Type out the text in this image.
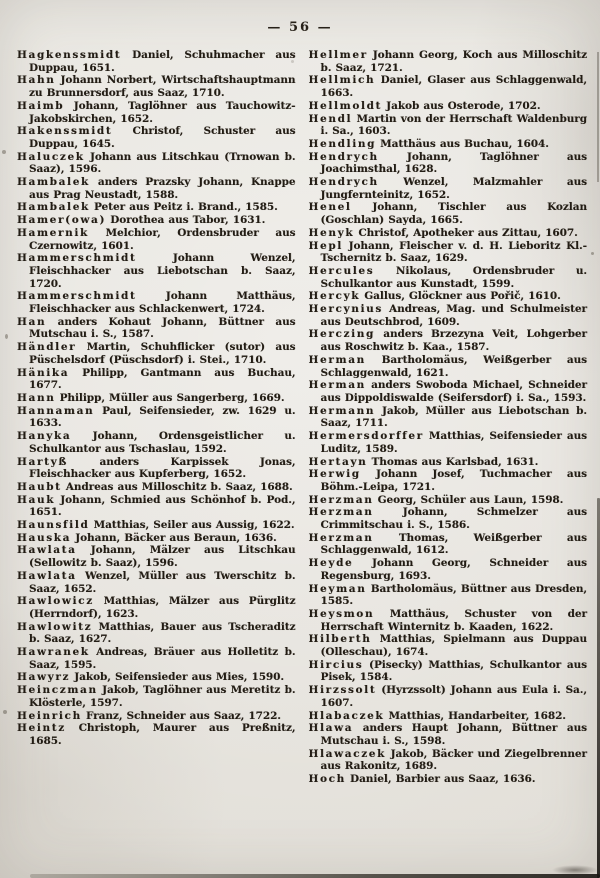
— 56 —

Hagkenssmidt Daniel, Schuhmacher aus Duppau, 1651.

Hahn Johann Norbert, Wirtschaftshauptmann zu Brunnersdorf, aus Saaz, 1710.

Haimb Johann, Taglöhner aus Tauchowitz-Jakobskirchen, 1652.

Hakenssmidt Christof, Schuster aus Duppau, 1645.

Haluczek Johann aus Litschkau (Trnowan b. Saaz), 1596.

Hambalek anders Prazsky Johann, Knappe aus Prag Neustadt, 1588.

Hambalek Peter aus Peitz i. Brand., 1585.

Hamer(owa) Dorothea aus Tabor, 1631.

Hamernik Melchior, Ordensbruder aus Czernowitz, 1601.

Hammerschmidt Johann Wenzel, Fleischhacker aus Liebotschan b. Saaz, 1720.

Hammerschmidt Johann Matthäus, Fleischhacker aus Schlackenwert, 1724.

Han anders Kohaut Johann, Büttner aus Mutschau i. S., 1587.

Händler Martin, Schuhflicker (sutor) aus Püschelsdorf (Püschsdorf) i. Stei., 1710.

Hänika Philipp, Gantmann aus Buchau, 1677.

Hann Philipp, Müller aus Sangerberg, 1669.

Hannaman Paul, Seifensieder, zw. 1629 u. 1633.

Hanyka Johann, Ordensgeistlicher u. Schulkantor aus Tschaslau, 1592.

Hartyß anders Karpissek Jonas, Fleischhacker aus Kupferberg, 1652.

Haubt Andreas aus Milloschitz b. Saaz, 1688.

Hauk Johann, Schmied aus Schönhof b. Pod., 1651.

Haunsfild Matthias, Seiler aus Aussig, 1622.

Hauska Johann, Bäcker aus Beraun, 1636.

Hawlata Johann, Mälzer aus Litschkau (Sellowitz b. Saaz), 1596.

Hawlata Wenzel, Müller aus Twerschitz b. Saaz, 1652.

Hawlowicz Matthias, Mälzer aus Pürglitz (Herrndorf), 1623.

Hawlowitz Matthias, Bauer aus Tscheraditz b. Saaz, 1627.

Hawranek Andreas, Bräuer aus Holletitz b. Saaz, 1595.

Hawyrz Jakob, Seifensieder aus Mies, 1590.

Heinczman Jakob, Taglöhner aus Meretitz b. Klösterle, 1597.

Heinrich Franz, Schneider aus Saaz, 1722.

Heintz Christoph, Maurer aus Preßnitz, 1685.

Hellmer Johann Georg, Koch aus Milloschitz b. Saaz, 1721.

Hellmich Daniel, Glaser aus Schlaggenwald, 1663.

Hellmoldt Jakob aus Osterode, 1702.

Hendl Martin von der Herrschaft Waldenburg i. Sa., 1603.

Hendling Matthäus aus Buchau, 1604.

Hendrych Johann, Taglöhner aus Joachimsthal, 1628.

Hendrych Wenzel, Malzmahler aus Jungfernteinitz, 1652.

Henel Johann, Tischler aus Kozlan (Goschlan) Sayda, 1665.

Henyk Christof, Apotheker aus Zittau, 1607.

Hepl Johann, Fleischer v. d. H. Lieboritz Kl.-Tschernitz b. Saaz, 1629.

Hercules Nikolaus, Ordensbruder u. Schulkantor aus Kunstadt, 1599.

Hercyk Gallus, Glöckner aus Pořič, 1610.

Hercynius Andreas, Mag. und Schulmeister aus Deutschbrod, 1609.

Herczing anders Brzezyna Veit, Lohgerber aus Roschwitz b. Kaa., 1587.

Herman Bartholomäus, Weißgerber aus Schlaggenwald, 1621.

Herman anders Swoboda Michael, Schneider aus Dippoldiswalde (Seifersdorf) i. Sa., 1593.

Hermann Jakob, Müller aus Liebotschan b. Saaz, 1711.

Hermersdorffer Matthias, Seifensieder aus Luditz, 1589.

Hertayn Thomas aus Karlsbad, 1631.

Herwig Johann Josef, Tuchmacher aus Böhm.-Leipa, 1721.

Herzman Georg, Schüler aus Laun, 1598.

Herzman Johann, Schmelzer aus Crimmitschau i. S., 1586.

Herzman Thomas, Weißgerber aus Schlaggenwald, 1612.

Heyde Johann Georg, Schneider aus Regensburg, 1693.

Heyman Bartholomäus, Büttner aus Dresden, 1585.

Heysmon Matthäus, Schuster von der Herrschaft Winternitz b. Kaaden, 1622.

Hilberth Matthias, Spielmann aus Duppau (Olleschau), 1674.

Hircius (Pisecky) Matthias, Schulkantor aus Pisek, 1584.

Hirzssolt (Hyrzssolt) Johann aus Eula i. Sa., 1607.

Hlabaczek Matthias, Handarbeiter, 1682.

Hlawa anders Haupt Johann, Büttner aus Mutschau i. S., 1598.

Hlawaczek Jakob, Bäcker und Ziegelbrenner aus Rakonitz, 1689.

Hoch Daniel, Barbier aus Saaz, 1636.
